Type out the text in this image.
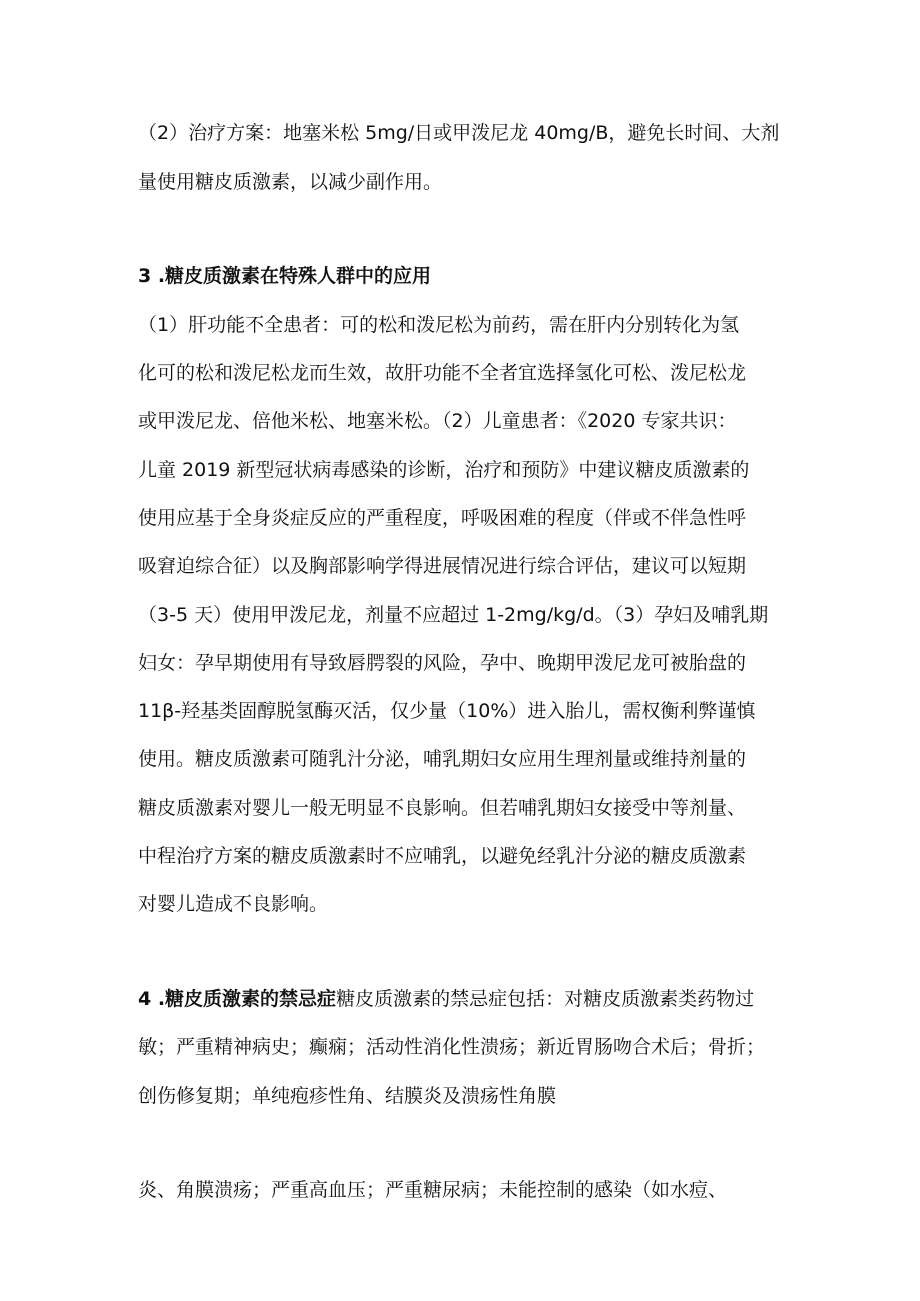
（2）治疗方案：地塞米松 5mg/日或甲泼尼龙 40mg/B，避免长时间、大剂
量使用糖皮质激素，以减少副作用。
3 .糖皮质激素在特殊人群中的应用
（1）肝功能不全患者：可的松和泼尼松为前药，需在肝内分别转化为氢
化可的松和泼尼松龙而生效，故肝功能不全者宜选择氢化可松、泼尼松龙
或甲泼尼龙、倍他米松、地塞米松。（2）儿童患者：《2020 专家共识：
儿童 2019 新型冠状病毒感染的诊断，治疗和预防》中建议糖皮质激素的
使用应基于全身炎症反应的严重程度，呼吸困难的程度（伴或不伴急性呼
吸窘迫综合征）以及胸部影响学得进展情况进行综合评估，建议可以短期
（3-5 天）使用甲泼尼龙，剂量不应超过 1-2mg/kg/d。（3）孕妇及哺乳期
妇女：孕早期使用有导致唇腭裂的风险，孕中、晚期甲泼尼龙可被胎盘的
11β-羟基类固醇脱氢酶灭活，仅少量（10%）进入胎儿，需权衡利弊谨慎
使用。糖皮质激素可随乳汁分泌，哺乳期妇女应用生理剂量或维持剂量的
糖皮质激素对婴儿一般无明显不良影响。但若哺乳期妇女接受中等剂量、
中程治疗方案的糖皮质激素时不应哺乳，以避免经乳汁分泌的糖皮质激素
对婴儿造成不良影响。
4 .糖皮质激素的禁忌症糖皮质激素的禁忌症包括：对糖皮质激素类药物过
敏；严重精神病史；癫痫；活动性消化性溃疡；新近胃肠吻合术后；骨折；
创伤修复期；单纯疱疹性角、结膜炎及溃疡性角膜
炎、角膜溃疡；严重高血压；严重糖尿病；未能控制的感染（如水痘、
